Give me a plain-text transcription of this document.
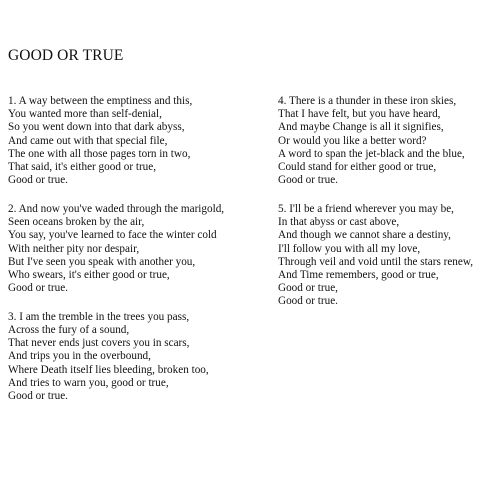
GOOD OR TRUE
1. A way between the emptiness and this,
You wanted more than self-denial,
So you went down into that dark abyss,
And came out with that special file,
The one with all those pages torn in two,
That said, it's either good or true,
Good or true.
2. And now you've waded through the marigold,
Seen oceans broken by the air,
You say, you've learned to face the winter cold
With neither pity nor despair,
But I've seen you speak with another you,
Who swears, it's either good or true,
Good or true.
3. I am the tremble in the trees you pass,
Across the fury of a sound,
That never ends just covers you in scars,
And trips you in the overbound,
Where Death itself lies bleeding, broken too,
And tries to warn you, good or true,
Good or true.
4. There is a thunder in these iron skies,
That I have felt, but you have heard,
And maybe Change is all it signifies,
Or would you like a better word?
A word to span the jet-black and the blue,
Could stand for either good or true,
Good or true.
5. I'll be a friend wherever you may be,
In that abyss or cast above,
And though we cannot share a destiny,
I'll follow you with all my love,
Through veil and void until the stars renew,
And Time remembers, good or true,
Good or true,
Good or true.
